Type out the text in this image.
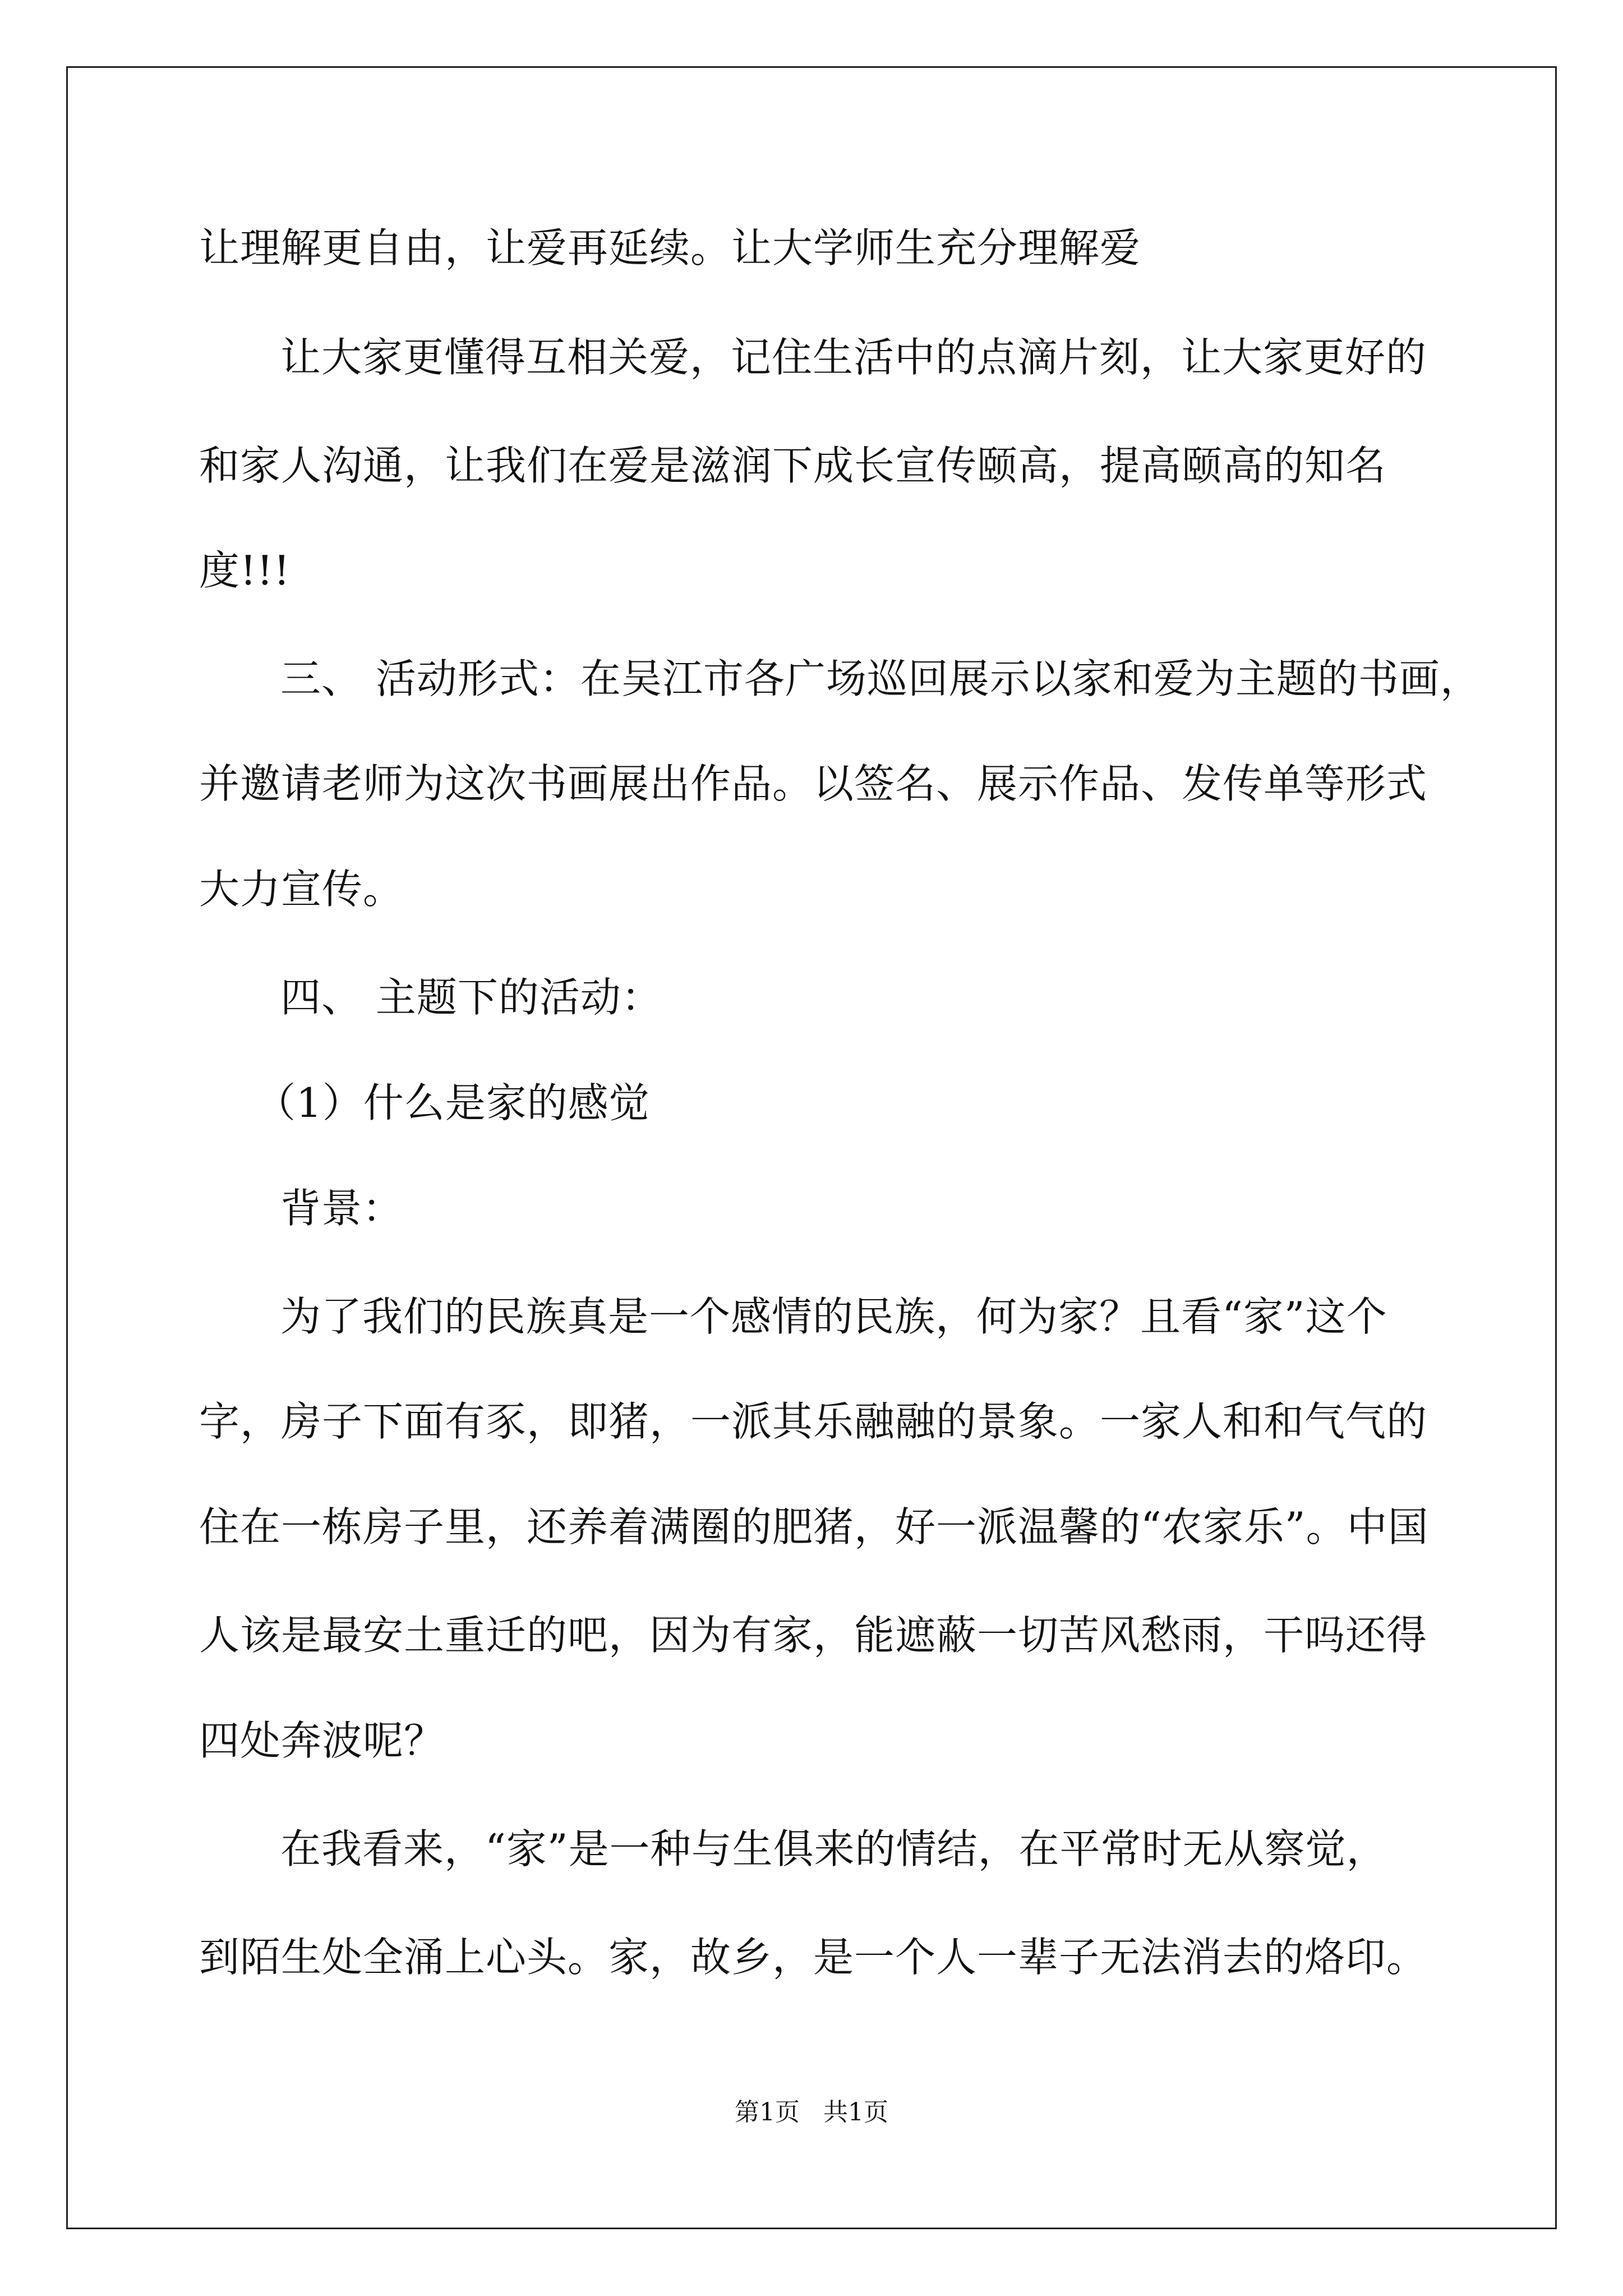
让理解更自由，让爱再延续。让大学师生充分理解爱
让大家更懂得互相关爱，记住生活中的点滴片刻，让大家更好的
和家人沟通，让我们在爱是滋润下成长宣传颐高，提高颐高的知名
度!!!
三、 活动形式：在吴江市各广场巡回展示以家和爱为主题的书画，
并邀请老师为这次书画展出作品。以签名、展示作品、发传单等形式
大力宣传。
四、 主题下的活动：
（1）什么是家的感觉
背景：
为了我们的民族真是一个感情的民族，何为家？且看“家”这个
字，房子下面有豕，即猪，一派其乐融融的景象。一家人和和气气的
住在一栋房子里，还养着满圈的肥猪，好一派温馨的“农家乐”。中国
人该是最安土重迁的吧，因为有家，能遮蔽一切苦风愁雨，干吗还得
四处奔波呢？
在我看来，“家”是一种与生俱来的情结，在平常时无从察觉，
到陌生处全涌上心头。家，故乡，是一个人一辈子无法消去的烙印。
第1页 共1页
